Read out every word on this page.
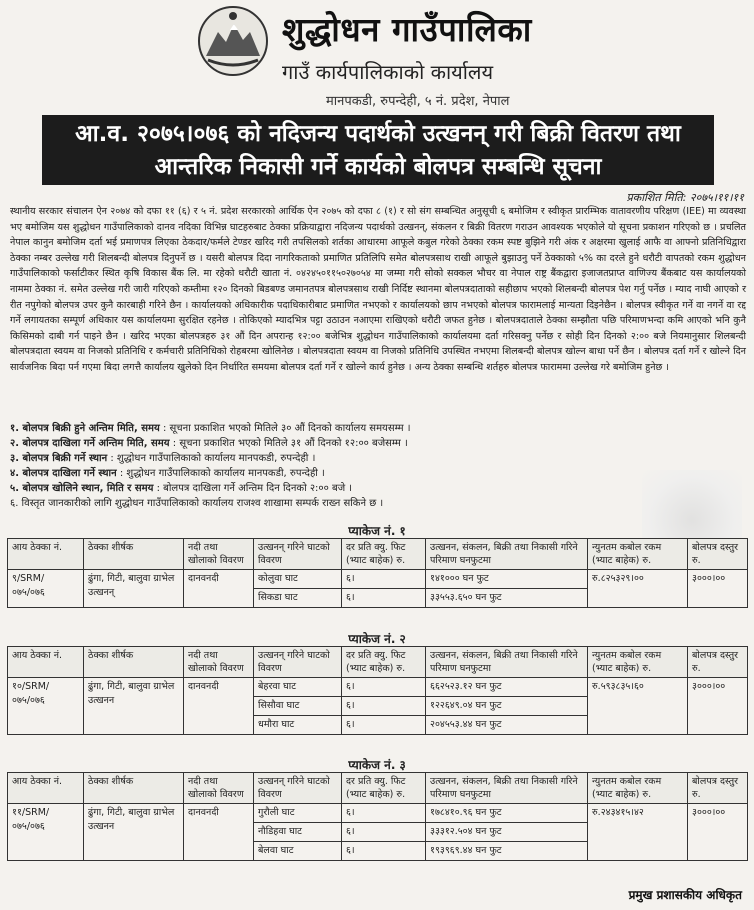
शुद्धोधन गाउँपालिका
गाउँ कार्यपालिकाको कार्यालय
मानपकडी, रुपन्देही, ५ नं. प्रदेश, नेपाल
आ.व. २०७५।०७६ को नदिजन्य पदार्थको उत्खनन् गरी बिक्री वितरण तथा
आन्तरिक निकासी गर्ने कार्यको बोलपत्र सम्बन्धि सूचना
प्रकाशित मिति: २०७५।११।११
स्थानीय सरकार संचालन ऐन २०७४ को दफा ११ (६) र ५ नं. प्रदेश सरकारको आर्थिक ऐन २०७५ को दफा ८ (१) र सो संग सम्बन्धित अनुसूची ६ बमोजिम र स्वीकृत प्रारम्भिक वातावरणीय परिक्षण (IEE) मा व्यवस्था भए बमोजिम यस शुद्धोधन गाउँपालिकाको दानव नदिका विभिन्न घाटहरुबाट ठेक्का प्रक्रियाद्वारा नदिजन्य पदार्थको उत्खनन्, संकलन र बिक्री वितरण गराउन आवश्यक भएकोले यो सूचना प्रकाशन गरिएको छ । प्रचलित नेपाल कानुन बमोजिम दर्ता भई प्रमाणपत्र लिएका ठेकदार/फर्मले टेण्डर खरिद गरी तपसिलको शर्तका आधारमा आफूले कबुल गरेको ठेक्का रकम स्पष्ट बुझिने गरी अंक र अक्षरमा खुलाई आफै वा आफ्नो प्रतिनिधिद्वारा ठेक्का नम्बर उल्लेख गरी शिलबन्दी बोलपत्र दिनुपर्ने छ । यसरी बोलपत्र दिदा नागरिकताको प्रमाणित प्रतिलिपि समेत बोलपत्रसाथ राखी आफूले बुझाउनु पर्ने ठेक्काको ५% का दरले हुने धरौटी वापतको रकम शुद्धोधन गाउँपालिकाको फर्साटीकर स्थित कृषि विकास बैंक लि. मा रहेको धरौटी खाता नं. ०४२४५०११५०२७०५४ मा जम्मा गरी सोको सक्कल भौचर वा नेपाल राष्ट्र बैंकद्वारा इजाजतप्राप्त वाणिज्य बैंकबाट यस कार्यालयको नाममा ठेक्का नं. समेत उल्लेख गरी जारी गरिएको कम्तीमा १२० दिनको बिडबण्ड जमानतपत्र बोलपत्रसाथ राखी निर्दिष्ट स्थानमा बोलपत्रदाताको सहीछाप भएको शिलबन्दी बोलपत्र पेश गर्नु पर्नेछ । म्याद नाघी आएको र रीत नपुगेको बोलपत्र उपर कुनै कारबाही गरिने छैन । कार्यालयको अधिकारीक पदाधिकारीबाट प्रमाणित नभएको र कार्यालयको छाप नभएको बोलपत्र फारामलाई मान्यता दिइनेछैन । बोलपत्र स्वीकृत गर्ने वा नगर्ने वा रद्द गर्ने लगायतका सम्पूर्ण अधिकार यस कार्यालयमा सुरक्षित रहनेछ । तोकिएको म्यादभित्र पट्टा उठाउन नआएमा राखिएको धरौटी जफत हुनेछ । बोलपत्रदाताले ठेक्का सम्झौता पछि परिमाणभन्दा कमि आएको भनि कुनै किसिमको दाबी गर्न पाइने छैन । खरिद भएका बोलपत्रहरु ३१ औं दिन अपरान्ह १२:०० बजेभित्र शुद्धोधन गाउँपालिकाको कार्यालयमा दर्ता गरिसक्नु पर्नेछ र सोही दिन दिनको २:०० बजे नियमानुसार शिलबन्दी बोलपत्रदाता स्वयम वा निजको प्रतिनिधि र कर्मचारी प्रतिनिधिको रोहबरमा खोलिनेछ । बोलपत्रदाता स्वयम वा निजको प्रतिनिधि उपस्थित नभएमा शिलबन्दी बोलपत्र खोल्न बाधा पर्ने छैन । बोलपत्र दर्ता गर्ने र खोल्ने दिन सार्वजनिक बिदा पर्न गएमा बिदा लगत्तै कार्यालय खुलेको दिन निर्धारित समयमा बोलपत्र दर्ता गर्ने र खोल्ने कार्य हुनेछ । अन्य ठेक्का सम्बन्धि शर्तहरु बोलपत्र फाराममा उल्लेख गरे बमोजिम हुनेछ ।
१. बोलपत्र बिक्री हुने अन्तिम मिति, समय : सूचना प्रकाशित भएको मितिले ३० औं दिनको कार्यालय समयसम्म ।
२. बोलपत्र दाखिला गर्ने अन्तिम मिति, समय : सूचना प्रकाशित भएको मितिले ३१ औं दिनको १२:०० बजेसम्म ।
३. बोलपत्र बिक्री गर्ने स्थान : शुद्धोधन गाउँपालिकाको कार्यालय मानपकडी, रुपन्देही ।
४. बोलपत्र दाखिला गर्ने स्थान : शुद्धोधन गाउँपालिकाको कार्यालय मानपकडी, रुपन्देही ।
५. बोलपत्र खोलिने स्थान, मिति र समय : बोलपत्र दाखिला गर्ने अन्तिम दिन दिनको २:०० बजे ।
६. विस्तृत जानकारीको लागि शुद्धोधन गाउँपालिकाको कार्यालय राजश्व शाखामा सम्पर्क राख्न सकिने छ ।
प्याकेज नं. १
आय ठेक्का नं.	ठेक्का शीर्षक	नदी तथा खोलाको विवरण	उत्खनन् गरिने घाटको विवरण	दर प्रति क्यु. फिट (भ्याट बाहेक) रु.	उत्खनन, संकलन, बिक्री तथा निकासी गरिने परिमाण घनफुटमा	न्युनतम कबोल रकम (भ्याट बाहेक) रु.	बोलपत्र दस्तुर रु.
९/SRM/ ०७५/०७६	ढुंगा, गिटी, बालुवा ग्राभेल उत्खनन्	दानवनदी	कोलुवा घाट	६।	१४१००० घन फुट	रु.८२५३२९।००	३०००।००
			सिकडा घाट	६।	३३५५३.६५० घन फुट		
प्याकेज नं. २
आय ठेक्का नं.	ठेक्का शीर्षक	नदी तथा खोलाको विवरण	उत्खनन् गरिने घाटको विवरण	दर प्रति क्यु. फिट (भ्याट बाहेक) रु.	उत्खनन, संकलन, बिक्री तथा निकासी गरिने परिमाण घनफुटमा	न्युनतम कबोल रकम (भ्याट बाहेक) रु.	बोलपत्र दस्तुर रु.
१०/SRM/ ०७५/०७६	ढुंगा, गिटी, बालुवा ग्राभेल उत्खनन	दानवनदी	बेहरवा घाट	६।	६६२५२३.१२ घन फुट	रु.५९३८३५।६०	३०००।००
			सिसौवा घाट	६।	१२२६४९.०४ घन फुट		
			धमौरा घाट	६।	२०४५५३.४४ घन फुट		
प्याकेज नं. ३
आय ठेक्का नं.	ठेक्का शीर्षक	नदी तथा खोलाको विवरण	उत्खनन् गरिने घाटको विवरण	दर प्रति क्यु. फिट (भ्याट बाहेक) रु.	उत्खनन, संकलन, बिक्री तथा निकासी गरिने परिमाण घनफुटमा	न्युनतम कबोल रकम (भ्याट बाहेक) रु.	बोलपत्र दस्तुर रु.
११/SRM/ ०७५/०७६	ढुंगा, गिटी, बालुवा ग्राभेल उत्खनन	दानवनदी	गुरौली घाट	६।	१७८४१०.९६ घन फुट	रु.२४३४१५।४२	३०००।००
			नौडिहवा घाट	६।	३३३१२.५०४ घन फुट		
			बेलवा घाट	६।	१९३९६९.४४ घन फुट		
प्रमुख प्रशासकीय अधिकृत
